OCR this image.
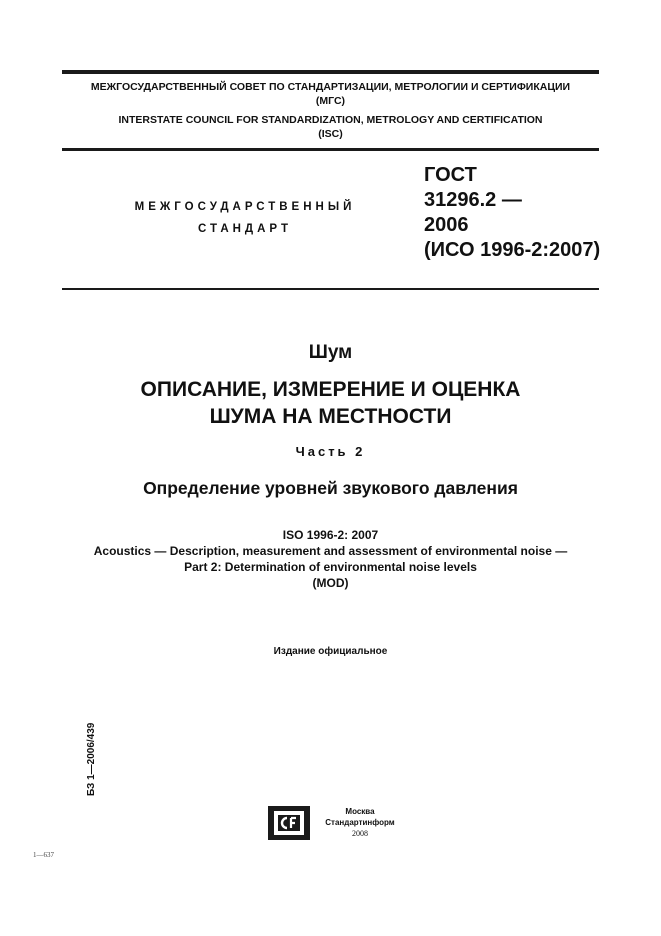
МЕЖГОСУДАРСТВЕННЫЙ СОВЕТ ПО СТАНДАРТИЗАЦИИ, МЕТРОЛОГИИ И СЕРТИФИКАЦИИ
(МГС)
INTERSTATE COUNCIL FOR STANDARDIZATION, METROLOGY AND CERTIFICATION
(ISC)
МЕЖГОСУДАРСТВЕННЫЙ
СТАНДАРТ
ГОСТ
31296.2 —
2006
(ИСО 1996-2:2007)
Шум
ОПИСАНИЕ, ИЗМЕРЕНИЕ И ОЦЕНКА
ШУМА НА МЕСТНОСТИ
Часть 2
Определение уровней звукового давления
ISO 1996-2: 2007
Acoustics — Description, measurement and assessment of environmental noise —
Part 2: Determination of environmental noise levels
(MOD)
Издание официальное
БЗ 1—2006/439
Москва
Стандартинформ
2008
1—637
